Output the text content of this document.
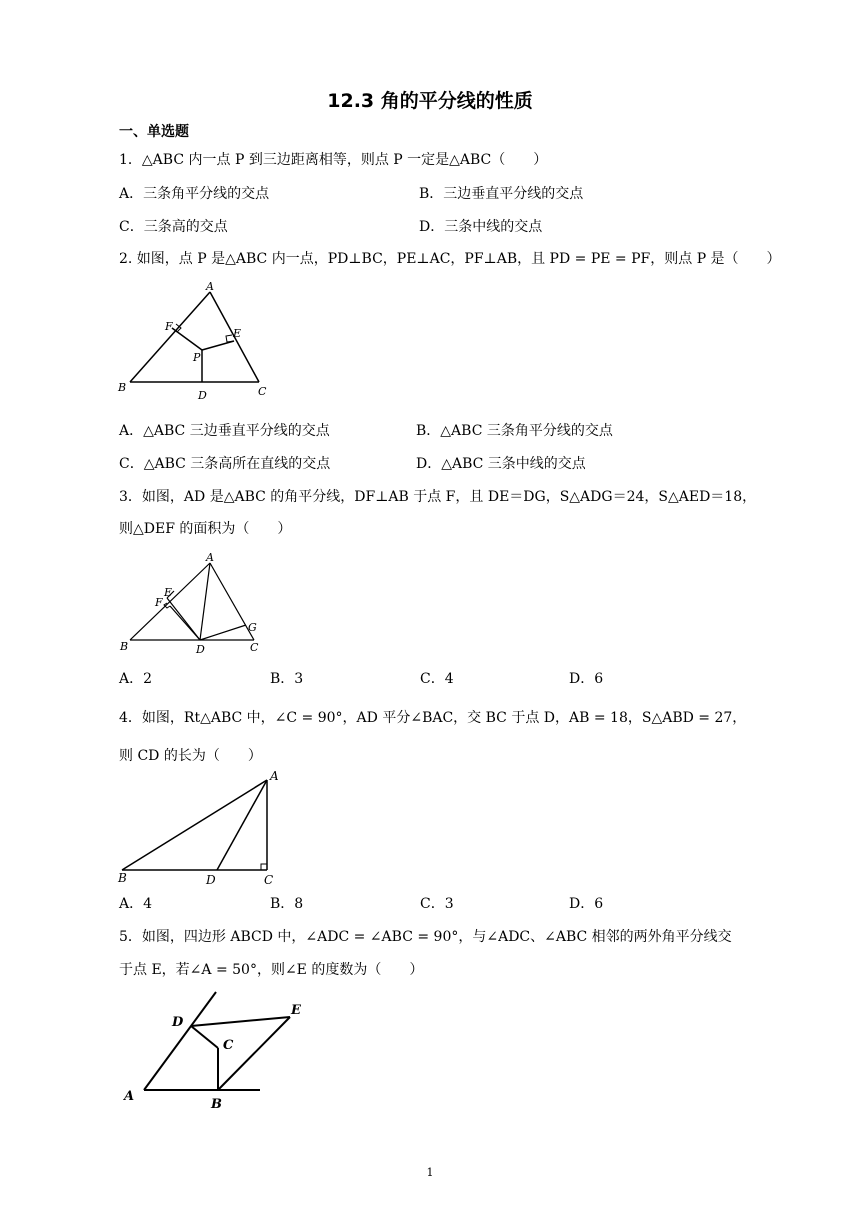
12.3 角的平分线的性质
一、单选题
1．△ABC 内一点 P 到三边距离相等，则点 P 一定是△ABC（　　）
A．三条角平分线的交点	B．三边垂直平分线的交点
C．三条高的交点	D．三条中线的交点
2. 如图，点 P 是△ABC 内一点，PD⊥BC，PE⊥AC，PF⊥AB，且 PD = PE = PF，则点 P 是（　　）
A
B	C
D
E
F
P
A．△ABC 三边垂直平分线的交点	B．△ABC 三条角平分线的交点
C．△ABC 三条高所在直线的交点	D．△ABC 三条中线的交点
3．如图，AD 是△ABC 的角平分线，DF⊥AB 于点 F，且 DE＝DG，S△ADG＝24，S△AED＝18，
则△DEF 的面积为（　　）
A
B	C
D
E
F
G
A．2	B．3	C．4	D．6
4．如图，Rt△ABC 中，∠C = 90°，AD 平分∠BAC，交 BC 于点 D，AB = 18，S△ABD = 27，
则 CD 的长为（　　）
A
B	C
D
A．4	B．8	C．3	D．6
5．如图，四边形 ABCD 中，∠ADC = ∠ABC = 90°，与∠ADC、∠ABC 相邻的两外角平分线交
于点 E，若∠A = 50°，则∠E 的度数为（　　）
A
B
C
D
E
1
